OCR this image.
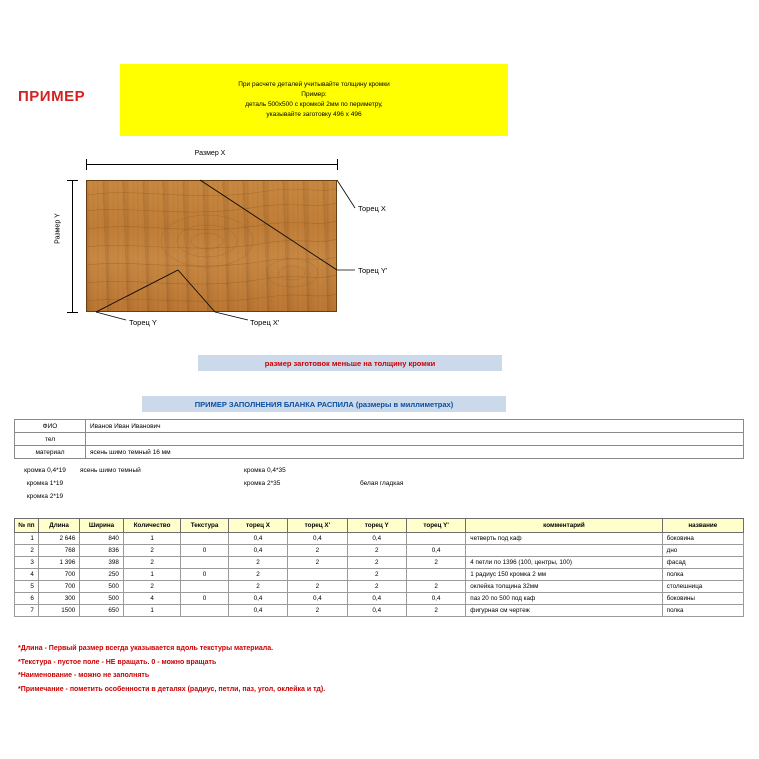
ПРИМЕР
При расчете деталей учитывайте толщину кромки
Пример:
деталь 500х500 с кромкой 2мм по периметру,
указывайте заготовку 496 х 496
Размер X
Размер Y
Торец X
Торец Y'
Торец Y	Торец X'
размер заготовок меньше на толщину кромки
ПРИМЕР ЗАПОЛНЕНИЯ БЛАНКА РАСПИЛА (размеры в миллиметрах)
ФИО	Иванов Иван Иванович
тел	
материал	ясень шимо темный 16 мм
кромка 0,4*19	ясень шимо темный	кромка 0,4*35
кромка 1*19	кромка 2*35	белая гладкая
кромка 2*19
№ пп	Длина	Ширина	Количество	Текстура	торец X	торец X'	торец Y	торец Y'	комментарий	название
1	2 646	840	1		0,4	0,4	0,4		четверть под каф	боковина
2	768	836	2	0	0,4	2	2	0,4		дно
3	1 396	398	2		2	2	2	2	4 петли по 1396 (100, центры, 100)	фасад
4	700	250	1	0	2		2		1 радиус 150 кромка 2 мм	полка
5	700	500	2		2	2	2	2	оклейка толщина 32мм	столешница
6	300	500	4	0	0,4	0,4	0,4	0,4	паз 20 по 500 под каф	боковины
7	1500	650	1		0,4	2	0,4	2	фигурная см чертеж	полка
*Длина - Первый размер всегда указывается вдоль текстуры материала.
*Текстура - пустое поле - НЕ вращать. 0 - можно вращать
*Наименование - можно не заполнять
*Примечание - пометить особенности в деталях (радиус, петли, паз, угол, оклейка и тд).
